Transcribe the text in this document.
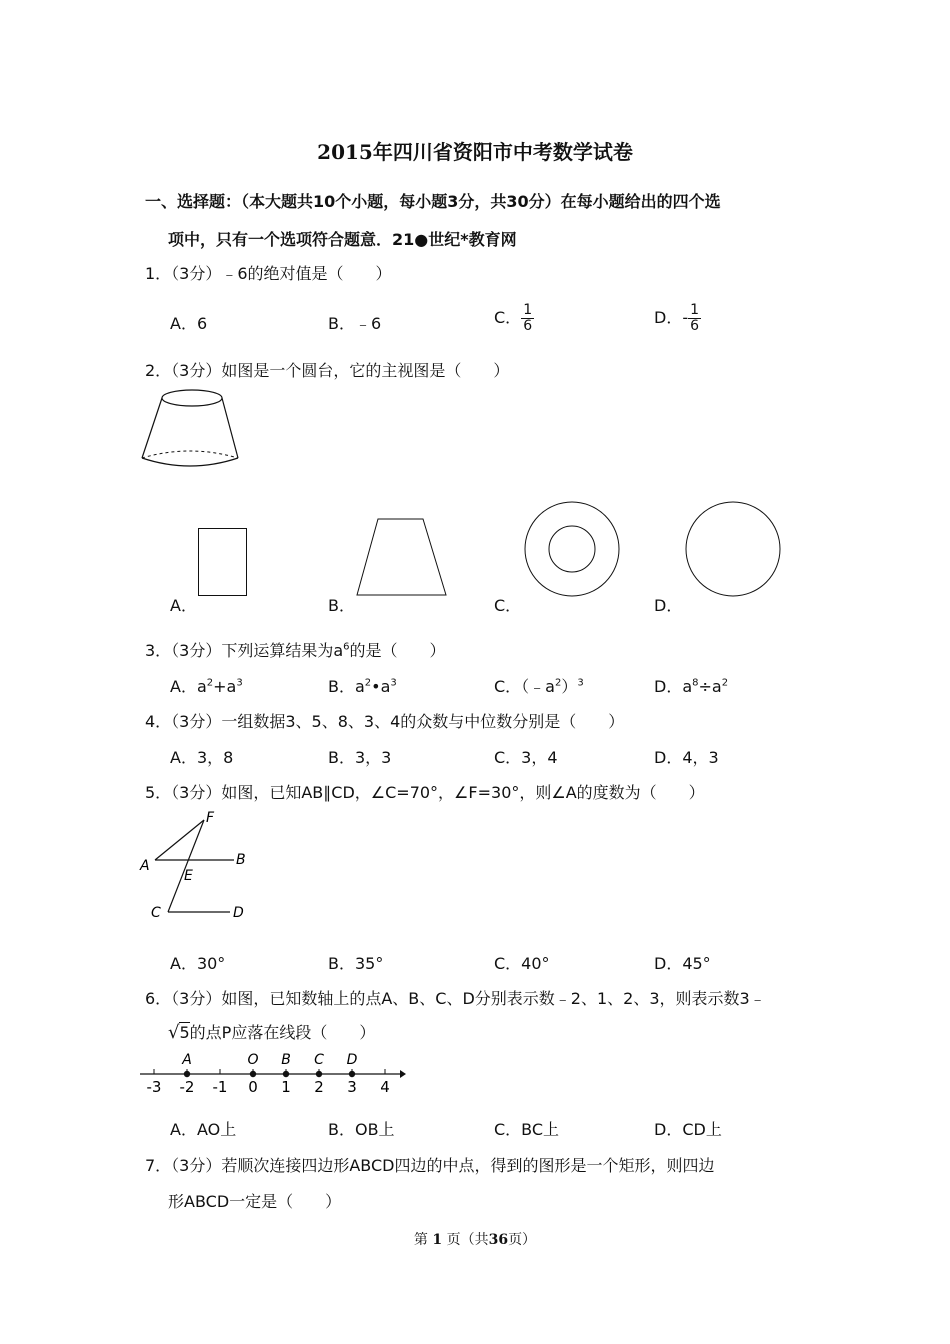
2015年四川省资阳市中考数学试卷
一、选择题：（本大题共10个小题，每小题3分，共30分）在每小题给出的四个选
项中，只有一个选项符合题意．21●世纪*教育网
1．（3分）﹣6的绝对值是（　　）
A．6	B．﹣6	C． $\frac{1}{6}$	D．- $\frac{1}{6}$
2．（3分）如图是一个圆台，它的主视图是（　　）
A．	B．	C．	D．
3．（3分）下列运算结果为$a^6$的是（　　）
A．$a^2+a^3$	B．$a^2•a^3$	C．$(﹣a^2)^3$	D．$a^8\div a^2$
4．（3分）一组数据3、5、8、3、4的众数与中位数分别是（　　）
A．3，8	B．3，3	C．3，4	D．4，3
5．（3分）如图，已知AB∥CD，∠C=70°，∠F=30°，则∠A的度数为（　　）
F
A	B
E
C	D
A．30°	B．35°	C．40°	D．45°
6．（3分）如图，已知数轴上的点A、B、C、D分别表示数﹣2、1、2、3，则表示数3﹣
√5的点P应落在线段（　　）
-3 -2 -1 0 1 2 3 4
A	O B C D
A．AO上	B．OB上	C．BC上	D．CD上
7．（3分）若顺次连接四边形ABCD四边的中点，得到的图形是一个矩形，则四边
形ABCD一定是（　　）
第 1 页（共36页）
